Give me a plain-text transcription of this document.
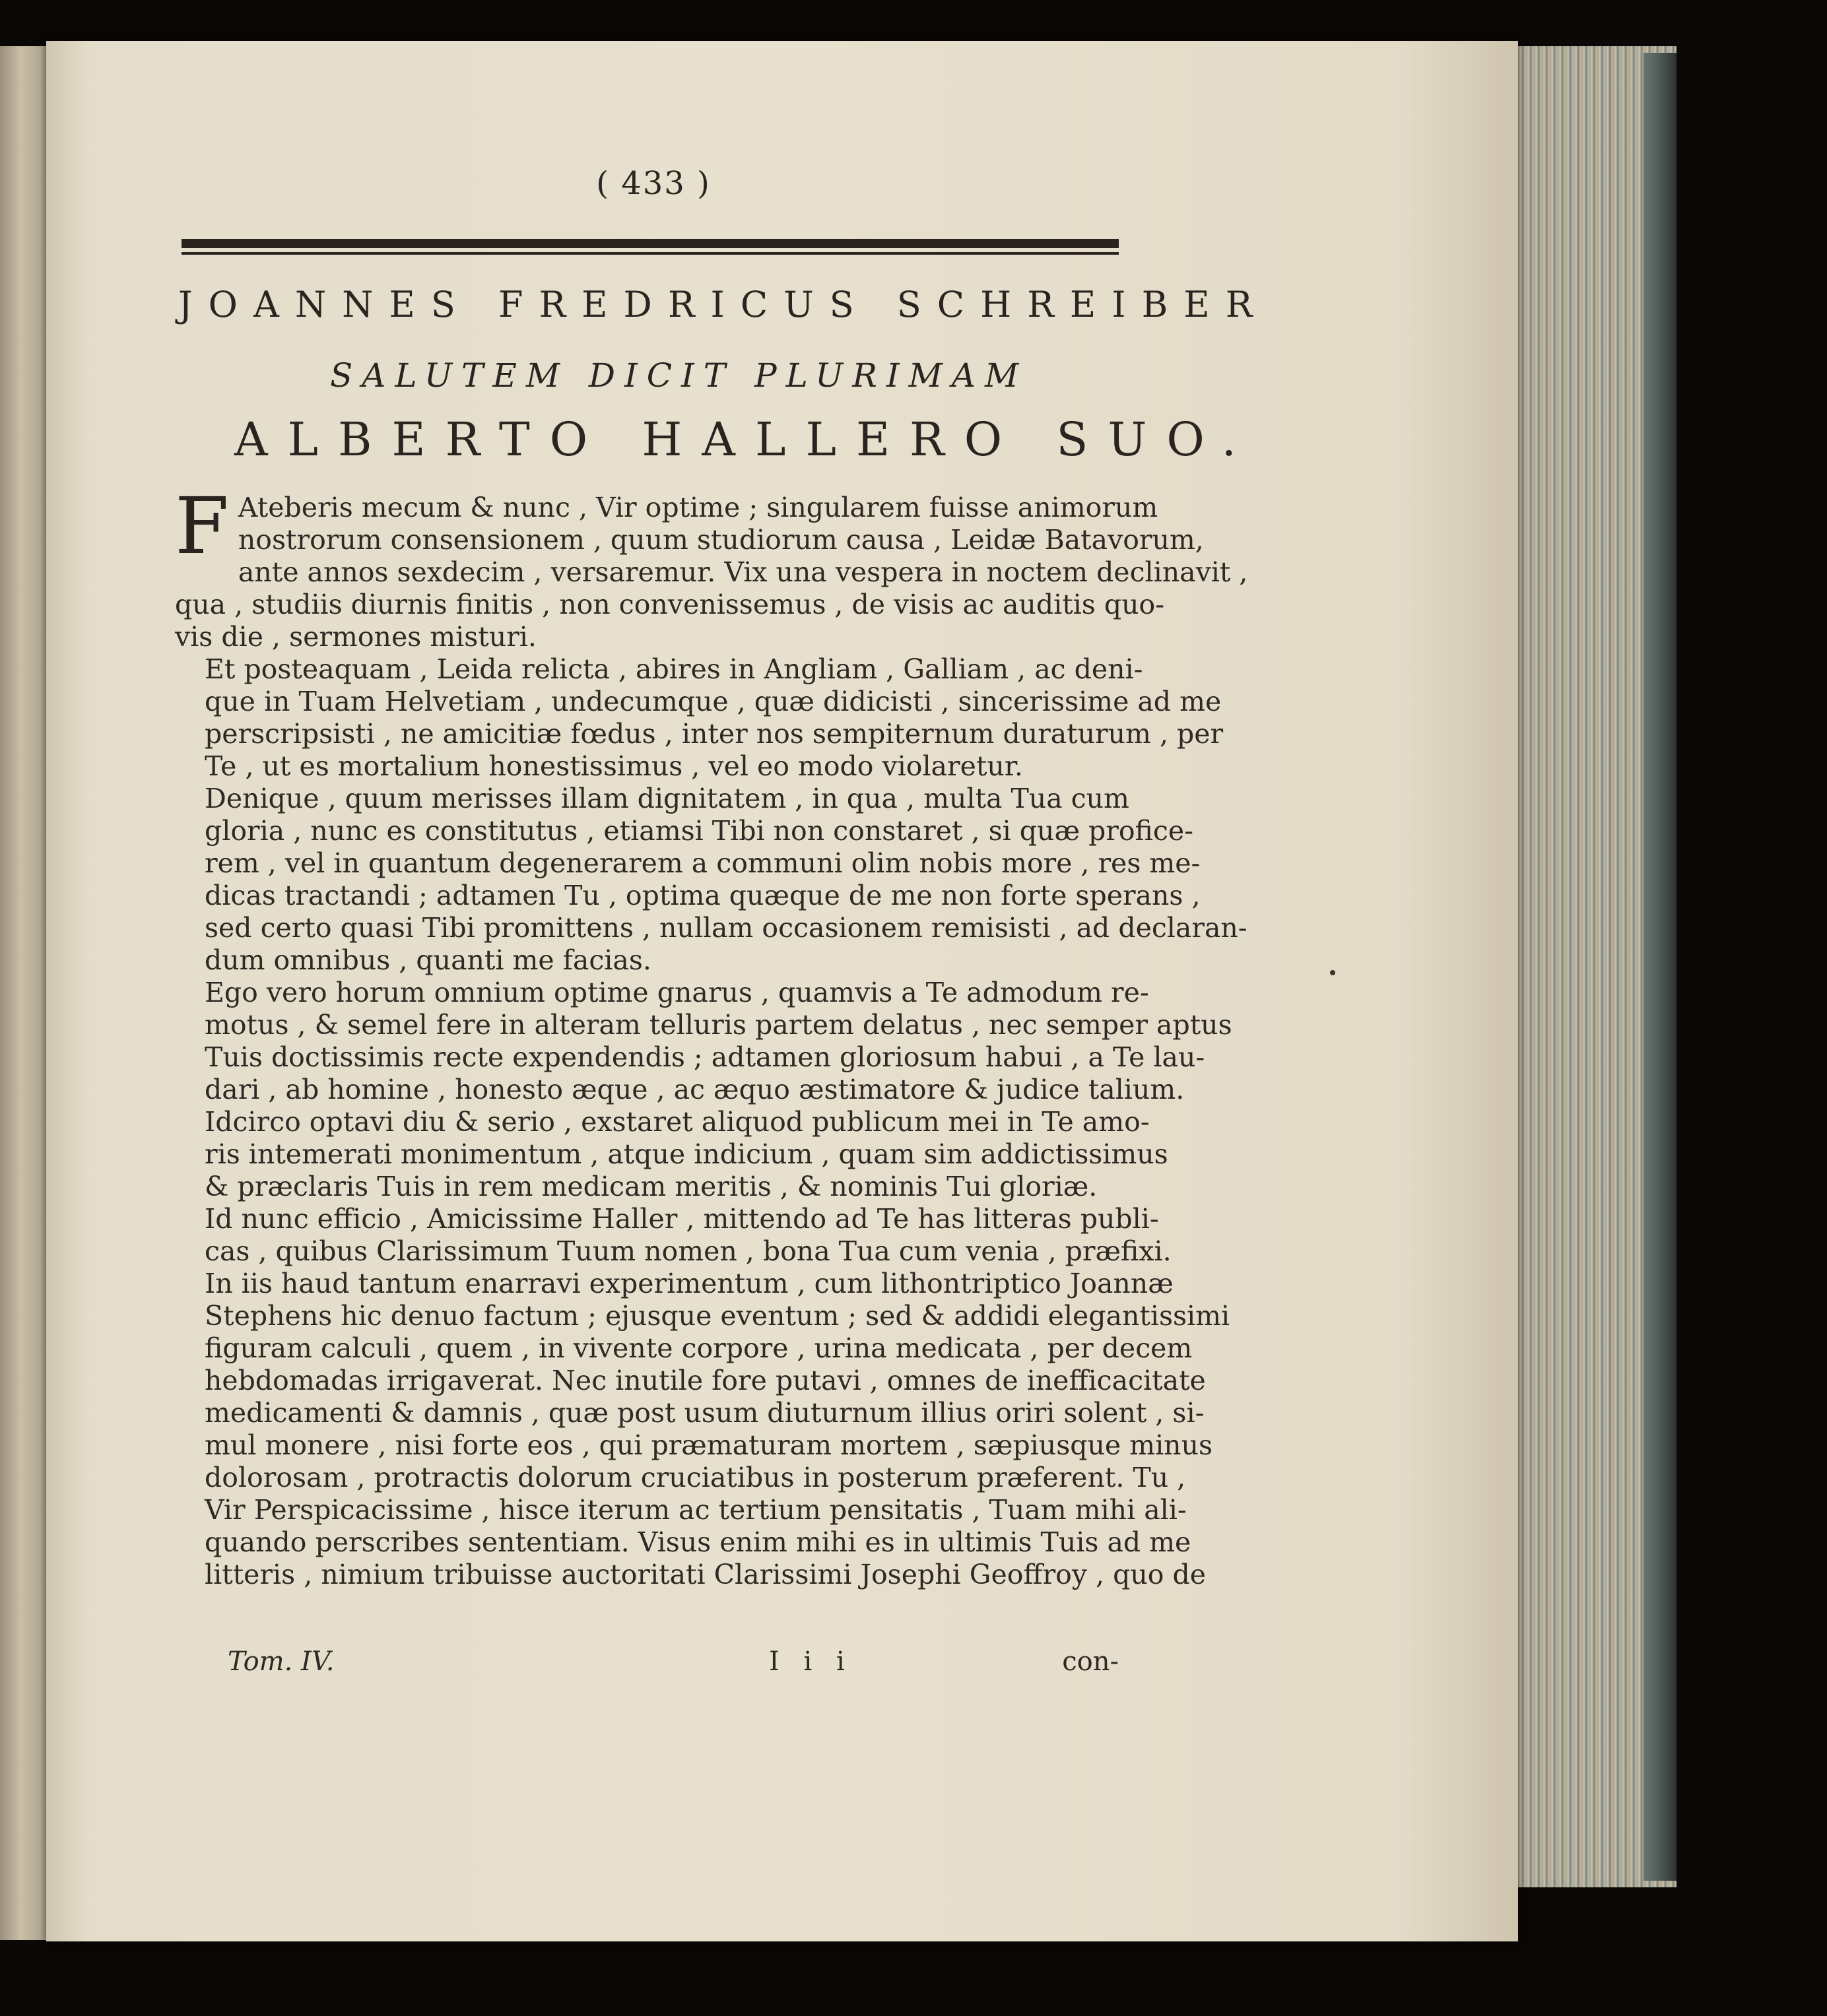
( 433 )
JOANNES FREDRICUS SCHREIBER
SALUTEM DICIT PLURIMAM
ALBERTO HALLERO SUO.

F Ateberis mecum & nunc , Vir optime ; singularem fuisse animorum
nostrorum consensionem , quum studiorum causa , Leidæ Batavorum,
ante annos sexdecim , versaremur. Vix una vespera in noctem declinavit ,
qua , studiis diurnis finitis , non convenissemus , de visis ac auditis quo-
vis die , sermones misturi.

Et posteaquam , Leida relicta , abires in Angliam , Galliam , ac deni-
que in Tuam Helvetiam , undecumque , quæ didicisti , sincerissime ad me
perscripsisti , ne amicitiæ fœdus , inter nos sempiternum duraturum , per
Te , ut es mortalium honestissimus , vel eo modo violaretur.

Denique , quum merisses illam dignitatem , in qua , multa Tua cum
gloria , nunc es constitutus , etiamsi Tibi non constaret , si quæ profice-
rem , vel in quantum degenerarem a communi olim nobis more , res me-
dicas tractandi ; adtamen Tu , optima quæque de me non forte sperans ,
sed certo quasi Tibi promittens , nullam occasionem remisisti , ad declaran-
dum omnibus , quanti me facias.

Ego vero horum omnium optime gnarus , quamvis a Te admodum re-
motus , & semel fere in alteram telluris partem delatus , nec semper aptus
Tuis doctissimis recte expendendis ; adtamen gloriosum habui , a Te lau-
dari , ab homine , honesto æque , ac æquo æstimatore & judice talium.

Idcirco optavi diu & serio , exstaret aliquod publicum mei in Te amo-
ris intemerati monimentum , atque indicium , quam sim addictissimus
& præclaris Tuis in rem medicam meritis , & nominis Tui gloriæ.

Id nunc efficio , Amicissime Haller , mittendo ad Te has litteras publi-
cas , quibus Clarissimum Tuum nomen , bona Tua cum venia , præfixi.
In iis haud tantum enarravi experimentum , cum lithontriptico Joannæ
Stephens hic denuo factum ; ejusque eventum ; sed & addidi elegantissimi
figuram calculi , quem , in vivente corpore , urina medicata , per decem
hebdomadas irrigaverat. Nec inutile fore putavi , omnes de inefficacitate
medicamenti & damnis , quæ post usum diuturnum illius oriri solent , si-
mul monere , nisi forte eos , qui præmaturam mortem , sæpiusque minus
dolorosam , protractis dolorum cruciatibus in posterum præferent. Tu ,
Vir Perspicacissime , hisce iterum ac tertium pensitatis , Tuam mihi ali-
quando perscribes sententiam. Visus enim mihi es in ultimis Tuis ad me
litteris , nimium tribuisse auctoritati Clarissimi Josephi Geoffroy , quo de

Tom. IV.	I i i	con-
